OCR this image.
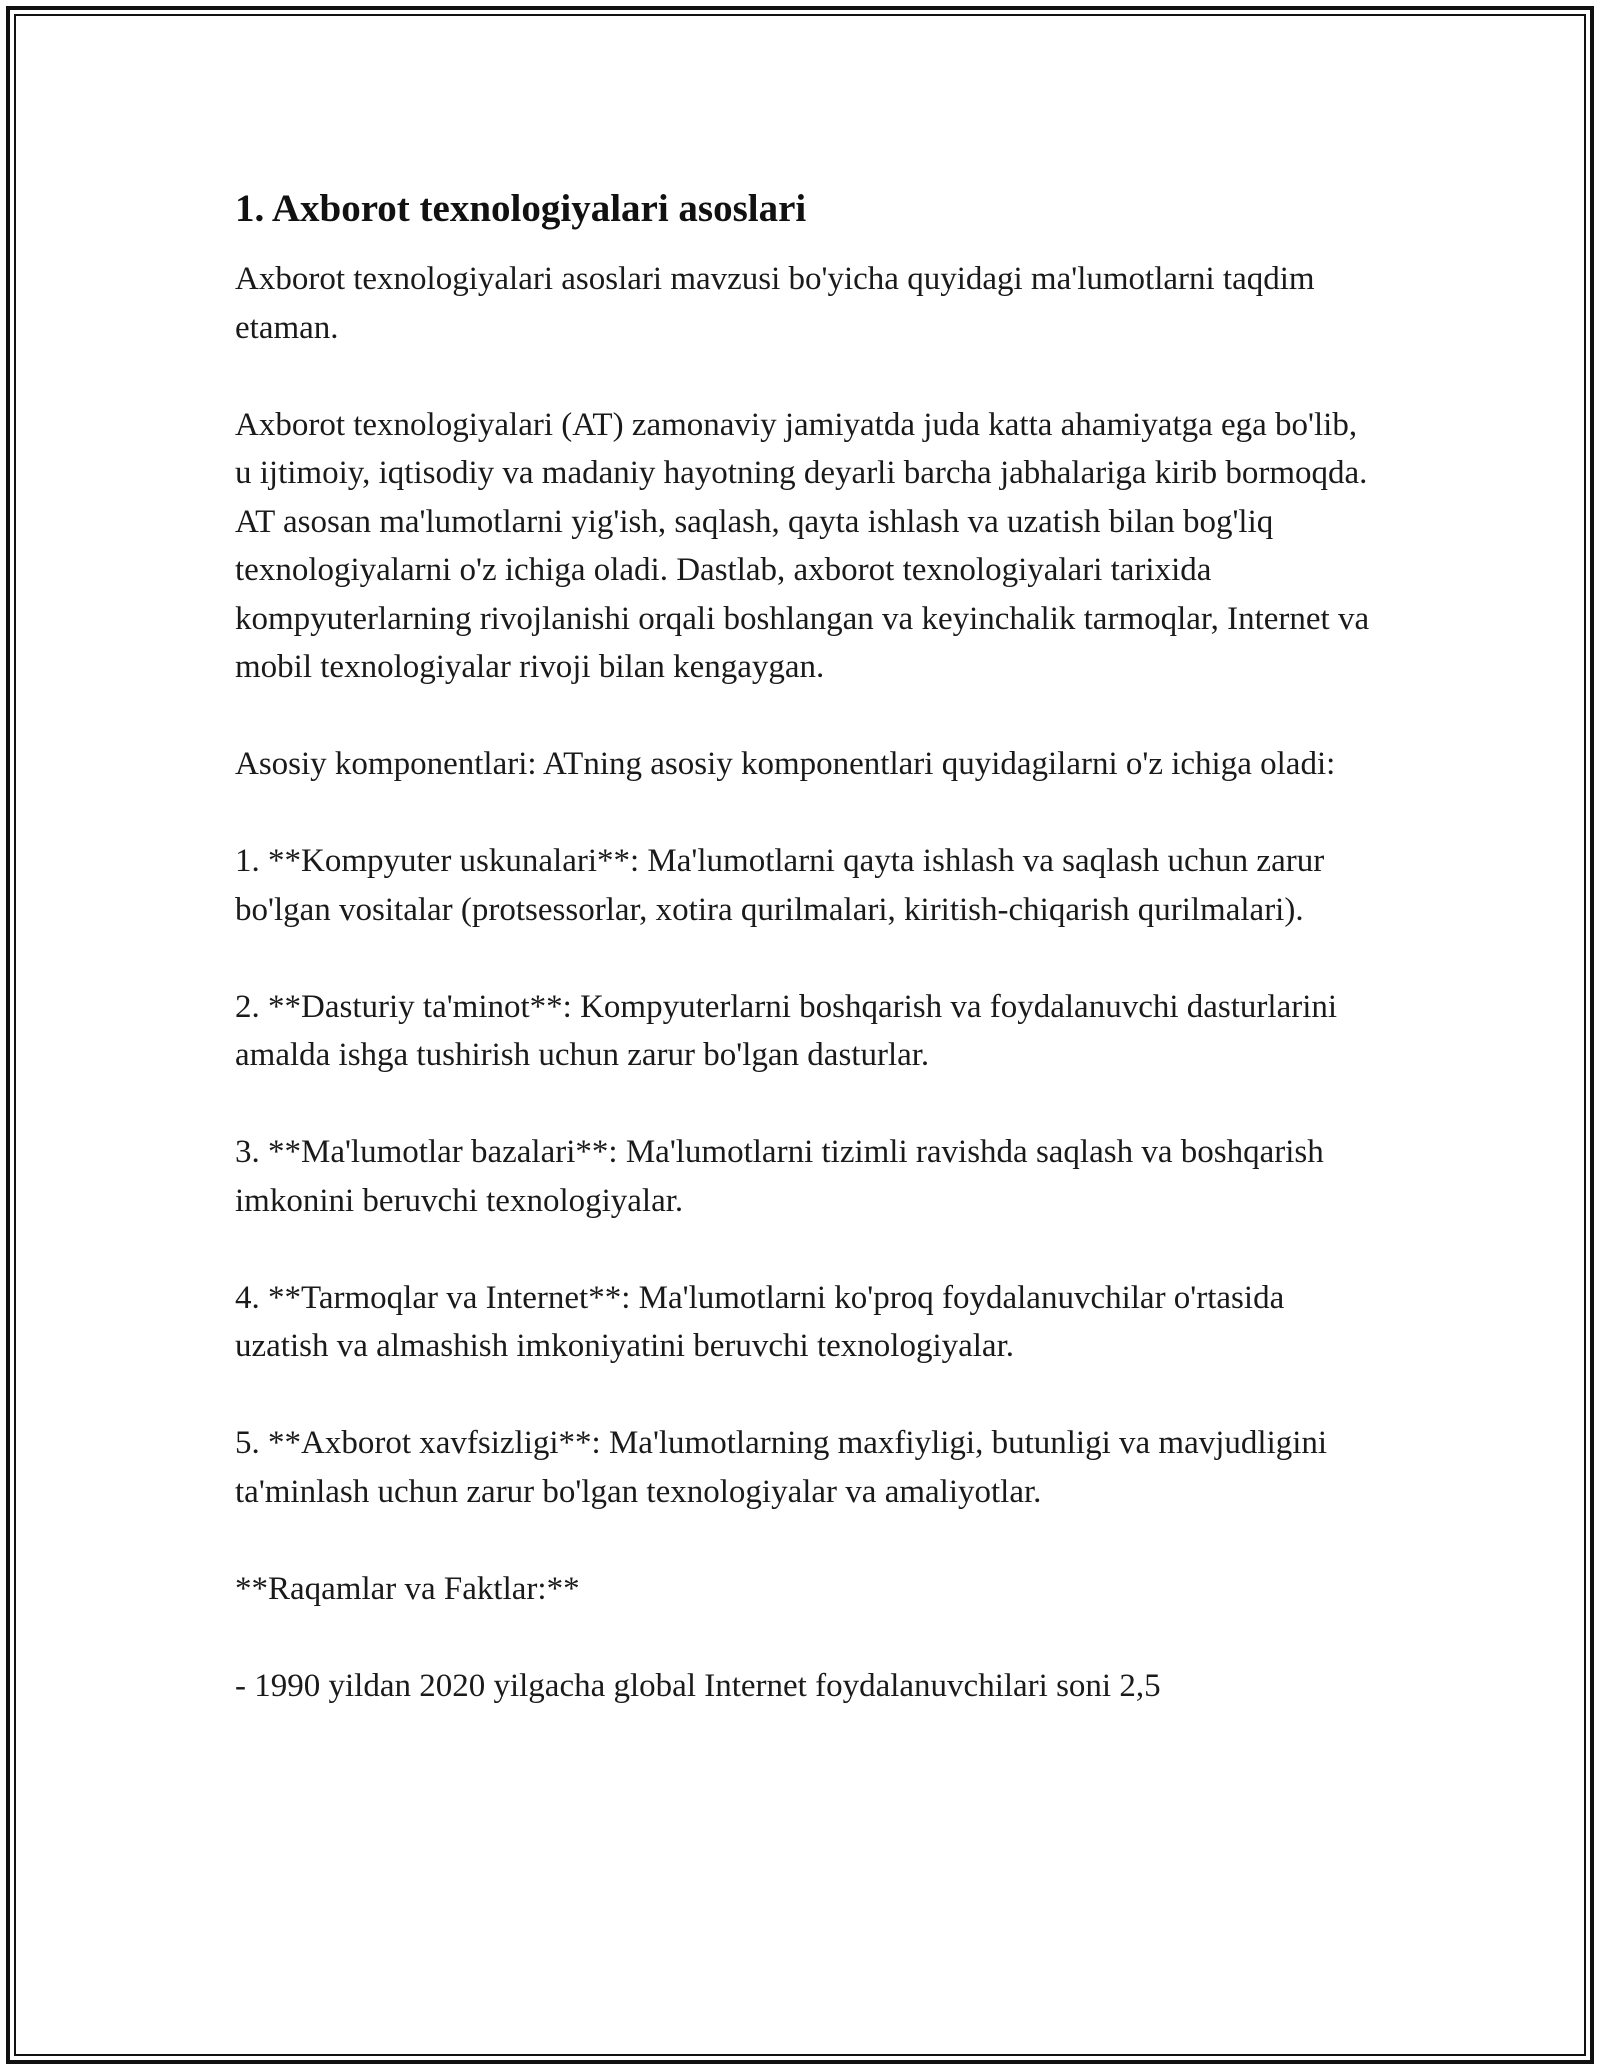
1. Axborot texnologiyalari asoslari

Axborot texnologiyalari asoslari mavzusi bo'yicha quyidagi ma'lumotlarni taqdim etaman.

Axborot texnologiyalari (AT) zamonaviy jamiyatda juda katta ahamiyatga ega bo'lib, u ijtimoiy, iqtisodiy va madaniy hayotning deyarli barcha jabhalariga kirib bormoqda. AT asosan ma'lumotlarni yig'ish, saqlash, qayta ishlash va uzatish bilan bog'liq texnologiyalarni o'z ichiga oladi. Dastlab, axborot texnologiyalari tarixida kompyuterlarning rivojlanishi orqali boshlangan va keyinchalik tarmoqlar, Internet va mobil texnologiyalar rivoji bilan kengaygan.

Asosiy komponentlari: ATning asosiy komponentlari quyidagilarni o'z ichiga oladi:

1. **Kompyuter uskunalari**: Ma'lumotlarni qayta ishlash va saqlash uchun zarur bo'lgan vositalar (protsessorlar, xotira qurilmalari, kiritish-chiqarish qurilmalari).

2. **Dasturiy ta'minot**: Kompyuterlarni boshqarish va foydalanuvchi dasturlarini amalda ishga tushirish uchun zarur bo'lgan dasturlar.

3. **Ma'lumotlar bazalari**: Ma'lumotlarni tizimli ravishda saqlash va boshqarish imkonini beruvchi texnologiyalar.

4. **Tarmoqlar va Internet**: Ma'lumotlarni ko'proq foydalanuvchilar o'rtasida uzatish va almashish imkoniyatini beruvchi texnologiyalar.

5. **Axborot xavfsizligi**: Ma'lumotlarning maxfiyligi, butunligi va mavjudligini ta'minlash uchun zarur bo'lgan texnologiyalar va amaliyotlar.

**Raqamlar va Faktlar:**

- 1990 yildan 2020 yilgacha global Internet foydalanuvchilari soni 2,5
